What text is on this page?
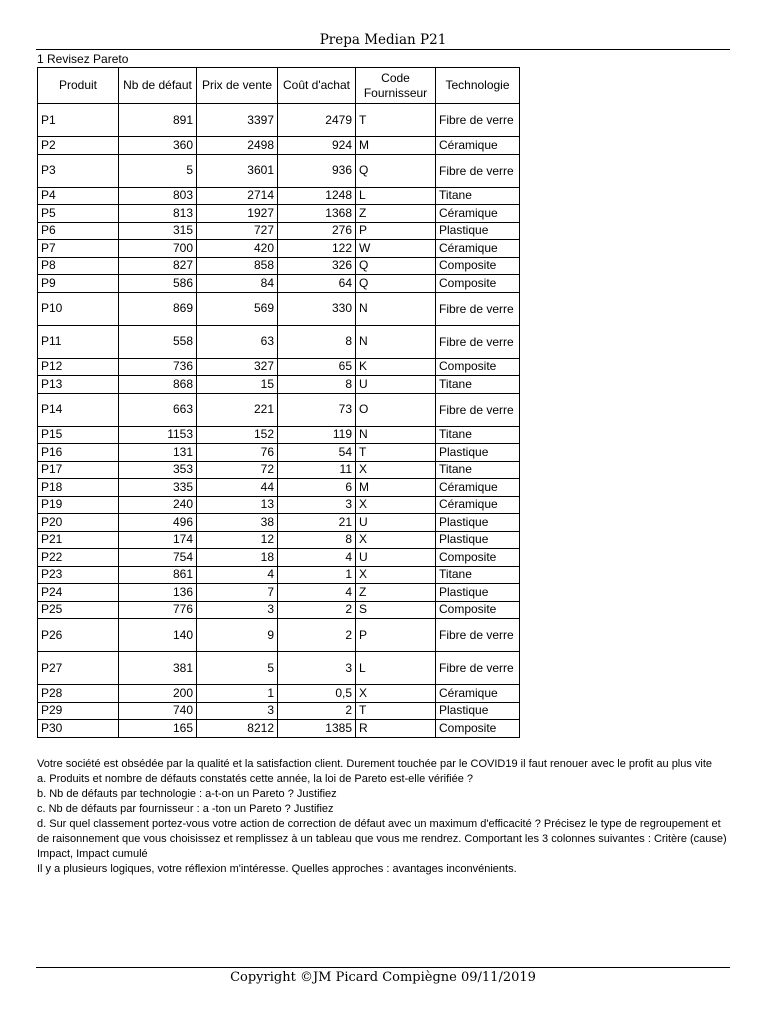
Prepa Median P21
1 Revisez Pareto
Produit	Nb de défaut	Prix de vente	Coût d'achat	Code Fournisseur	Technologie
P1	891	3397	2479	T	Fibre de verre
P2	360	2498	924	M	Céramique
P3	5	3601	936	Q	Fibre de verre
P4	803	2714	1248	L	Titane
P5	813	1927	1368	Z	Céramique
P6	315	727	276	P	Plastique
P7	700	420	122	W	Céramique
P8	827	858	326	Q	Composite
P9	586	84	64	Q	Composite
P10	869	569	330	N	Fibre de verre
P11	558	63	8	N	Fibre de verre
P12	736	327	65	K	Composite
P13	868	15	8	U	Titane
P14	663	221	73	O	Fibre de verre
P15	1153	152	119	N	Titane
P16	131	76	54	T	Plastique
P17	353	72	11	X	Titane
P18	335	44	6	M	Céramique
P19	240	13	3	X	Céramique
P20	496	38	21	U	Plastique
P21	174	12	8	X	Plastique
P22	754	18	4	U	Composite
P23	861	4	1	X	Titane
P24	136	7	4	Z	Plastique
P25	776	3	2	S	Composite
P26	140	9	2	P	Fibre de verre
P27	381	5	3	L	Fibre de verre
P28	200	1	0,5	X	Céramique
P29	740	3	2	T	Plastique
P30	165	8212	1385	R	Composite

Votre société est obsédée par la qualité et la satisfaction client. Durement touchée par le COVID19 il faut renouer avec le profit au plus vite

a. Produits et nombre de défauts constatés cette année, la loi de Pareto est-elle vérifiée ?

b. Nb de défauts par technologie : a-t-on un Pareto ? Justifiez

c. Nb de défauts par fournisseur : a -ton un Pareto ? Justifiez

d. Sur quel classement portez-vous votre action de correction de défaut avec un maximum d'efficacité ? Précisez le type de regroupement et de raisonnement que vous choisissez et remplissez à un tableau que vous me rendrez. Comportant les 3 colonnes suivantes : Critère (cause) Impact, Impact cumulé

Il y a plusieurs logiques, votre réflexion m'intéresse. Quelles approches : avantages inconvénients.

Copyright ©JM Picard Compiègne 09/11/2019
